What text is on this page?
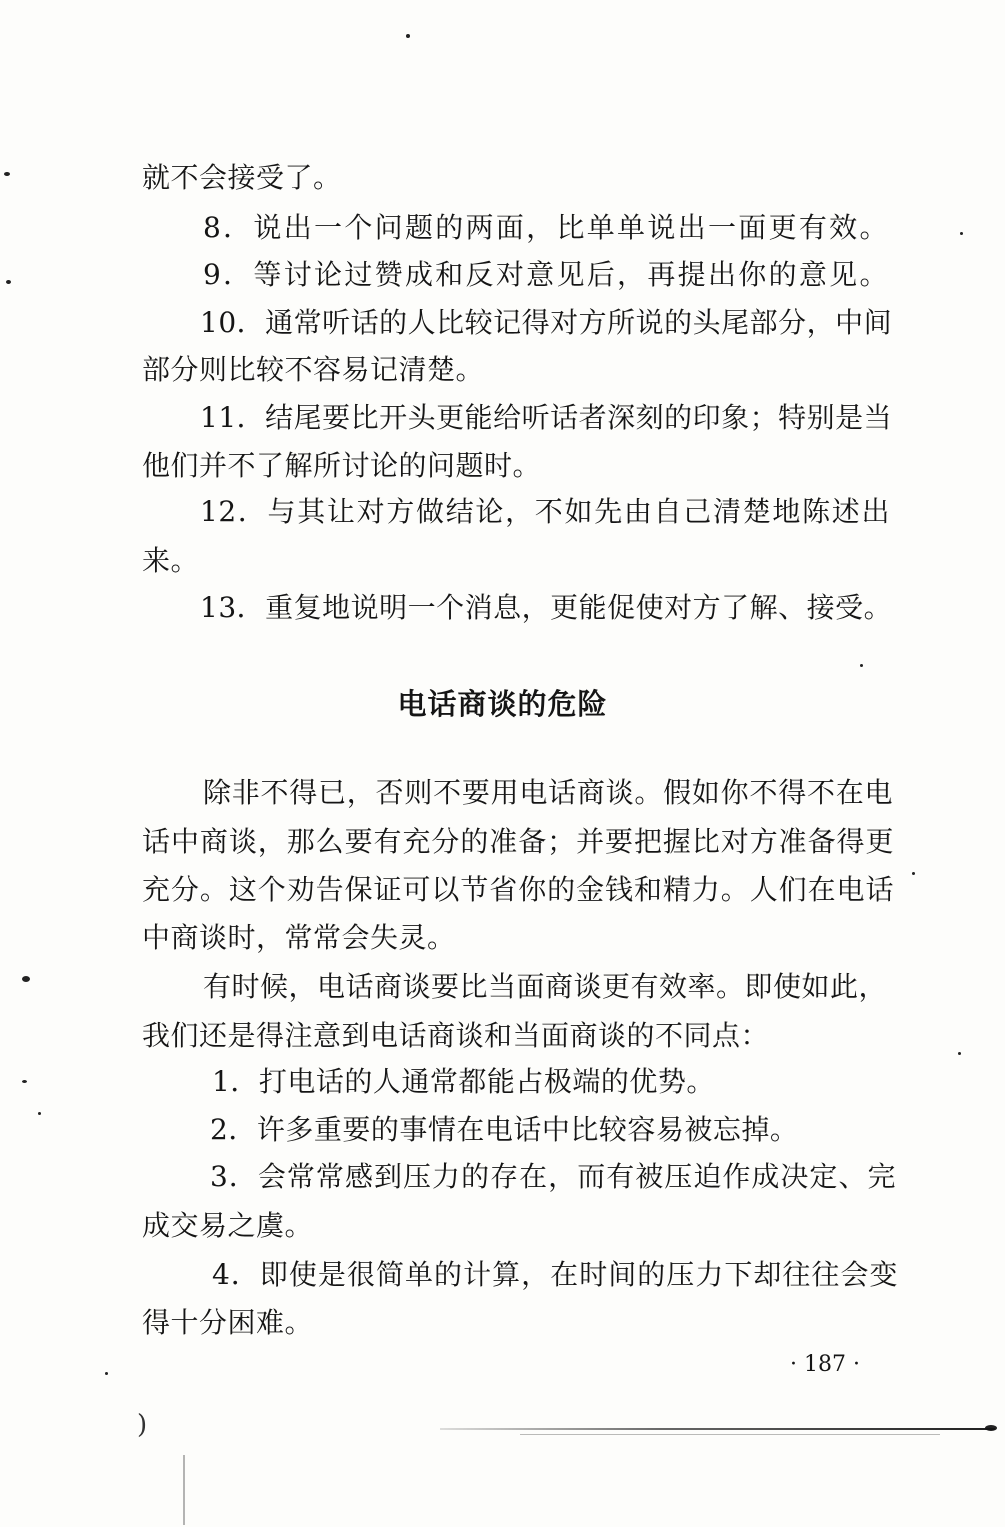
就不会接受了。
8．说出一个问题的两面，比单单说出一面更有效。
9．等讨论过赞成和反对意见后，再提出你的意见。
10．通常听话的人比较记得对方所说的头尾部分，中间
部分则比较不容易记清楚。
11．结尾要比开头更能给听话者深刻的印象；特别是当
他们并不了解所讨论的问题时。
12．与其让对方做结论，不如先由自己清楚地陈述出
来。
13．重复地说明一个消息，更能促使对方了解、接受。
电话商谈的危险
除非不得已，否则不要用电话商谈。假如你不得不在电
话中商谈，那么要有充分的准备；并要把握比对方准备得更
充分。这个劝告保证可以节省你的金钱和精力。人们在电话
中商谈时，常常会失灵。
有时候，电话商谈要比当面商谈更有效率。即使如此，
我们还是得注意到电话商谈和当面商谈的不同点：
1．打电话的人通常都能占极端的优势。
2．许多重要的事情在电话中比较容易被忘掉。
3．会常常感到压力的存在，而有被压迫作成决定、完
成交易之虞。
4．即使是很简单的计算，在时间的压力下却往往会变
得十分困难。
· 187 ·
)
